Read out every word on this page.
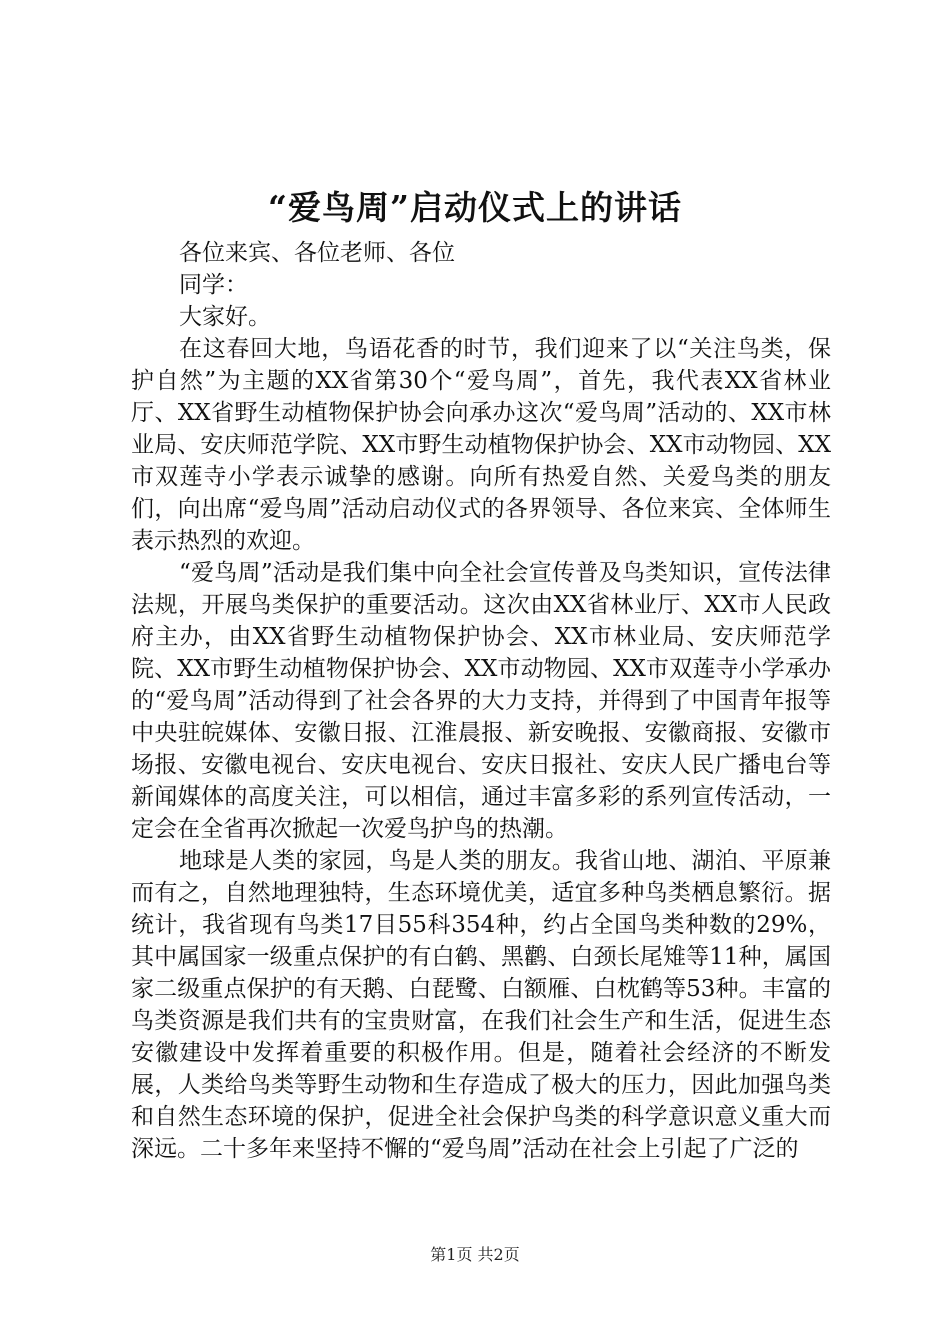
“爱鸟周”启动仪式上的讲话

各位来宾、各位老师、各位

同学：

大家好。

在这春回大地，鸟语花香的时节，我们迎来了以“关注鸟类，保护自然”为主题的XX省第30个“爱鸟周”，首先，我代表XX省林业厅、XX省野生动植物保护协会向承办这次“爱鸟周”活动的、XX市林业局、安庆师范学院、XX市野生动植物保护协会、XX市动物园、XX市双莲寺小学表示诚挚的感谢。向所有热爱自然、关爱鸟类的朋友们，向出席“爱鸟周”活动启动仪式的各界领导、各位来宾、全体师生表示热烈的欢迎。

“爱鸟周”活动是我们集中向全社会宣传普及鸟类知识，宣传法律法规，开展鸟类保护的重要活动。这次由XX省林业厅、XX市人民政府主办，由XX省野生动植物保护协会、XX市林业局、安庆师范学院、XX市野生动植物保护协会、XX市动物园、XX市双莲寺小学承办的“爱鸟周”活动得到了社会各界的大力支持，并得到了中国青年报等中央驻皖媒体、安徽日报、江淮晨报、新安晚报、安徽商报、安徽市场报、安徽电视台、安庆电视台、安庆日报社、安庆人民广播电台等新闻媒体的高度关注，可以相信，通过丰富多彩的系列宣传活动，一定会在全省再次掀起一次爱鸟护鸟的热潮。

地球是人类的家园，鸟是人类的朋友。我省山地、湖泊、平原兼而有之，自然地理独特，生态环境优美，适宜多种鸟类栖息繁衍。据统计，我省现有鸟类17目55科354种，约占全国鸟类种数的29%，其中属国家一级重点保护的有白鹤、黑鹳、白颈长尾雉等11种，属国家二级重点保护的有天鹅、白琵鹭、白额雁、白枕鹤等53种。丰富的鸟类资源是我们共有的宝贵财富，在我们社会生产和生活，促进生态安徽建设中发挥着重要的积极作用。但是，随着社会经济的不断发展，人类给鸟类等野生动物和生存造成了极大的压力，因此加强鸟类和自然生态环境的保护，促进全社会保护鸟类的科学意识意义重大而深远。二十多年来坚持不懈的“爱鸟周”活动在社会上引起了广泛的

第1页 共2页
